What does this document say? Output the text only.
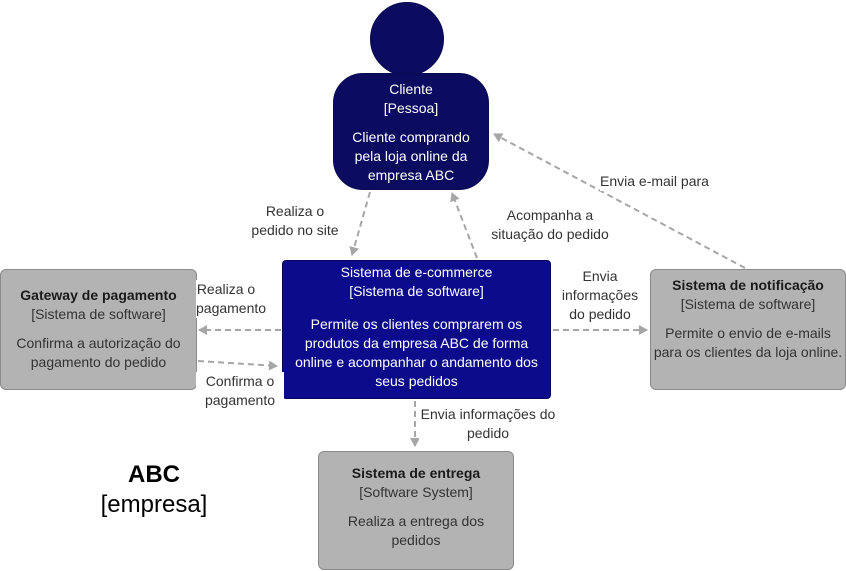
Cliente
[Pessoa]
Cliente comprando pela loja online da empresa ABC
Sistema de e-commerce
[Sistema de software]
Permite os clientes comprarem os produtos da empresa ABC de forma online e acompanhar o andamento dos seus pedidos
Gateway de pagamento
[Sistema de software]
Confirma a autorização do pagamento do pedido
Sistema de notificação
[Sistema de software]
Permite o envio de e-mails para os clientes da loja online.
Sistema de entrega
[Software System]
Realiza a entrega dos pedidos
Realiza o pedido no site
Acompanha a situação do pedido
Envia e-mail para
Realiza o pagamento
Confirma o pagamento
Envia informações do pedido
Envia informações do pedido
ABC
[empresa]
